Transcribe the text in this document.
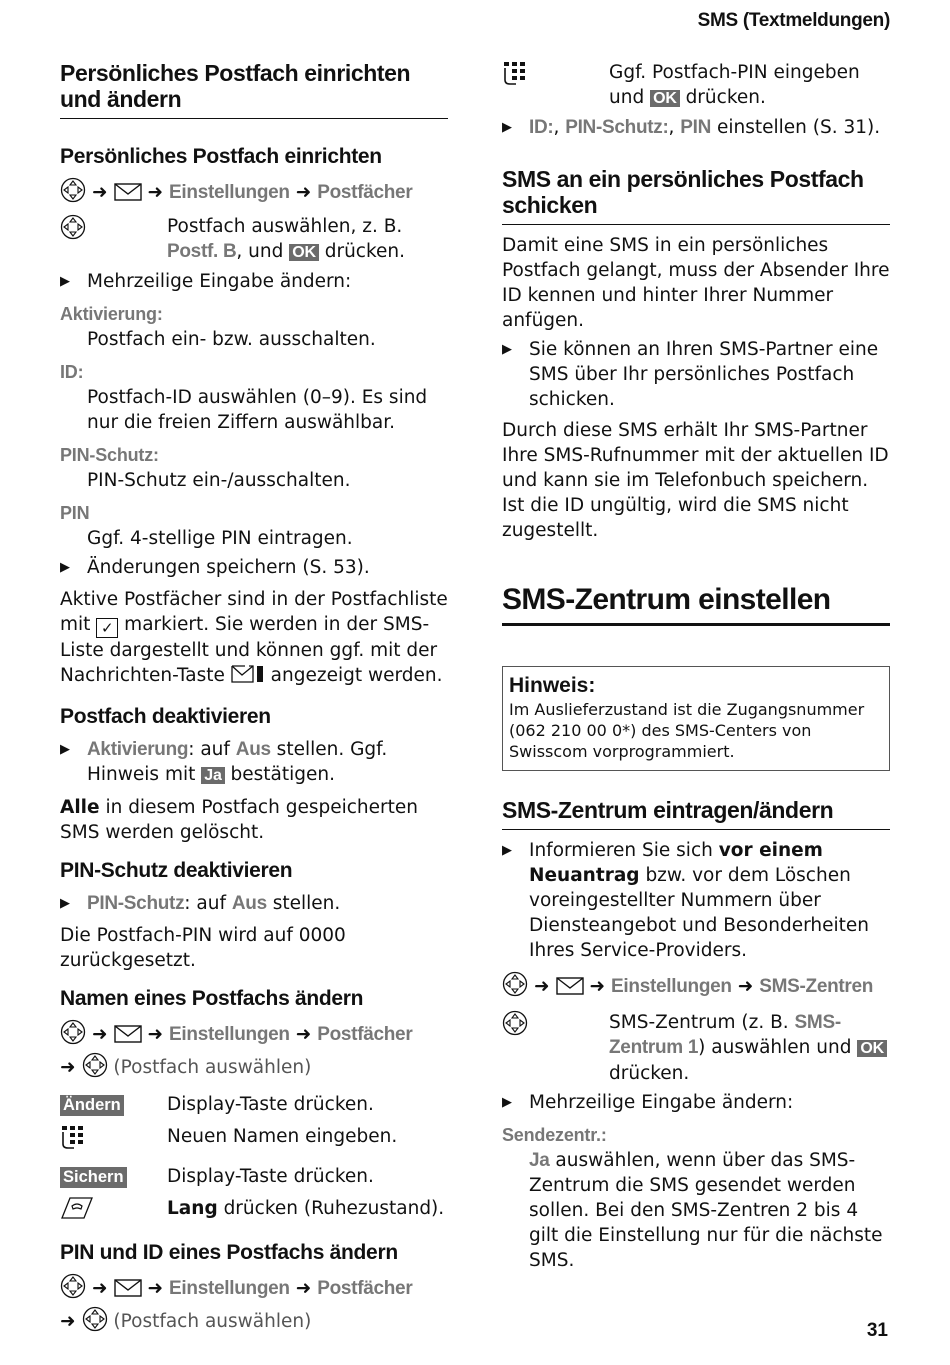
SMS (Textmeldungen)
Persönliches Postfach einrichten und ändern
Persönliches Postfach einrichten
➜ ➜ Einstellungen ➜ Postfächer
Postfach auswählen, z. B. Postf. B, und OK drücken.
▶ Mehrzeilige Eingabe ändern:
Aktivierung:
Postfach ein- bzw. ausschalten.
ID:
Postfach-ID auswählen (0–9). Es sind nur die freien Ziffern auswählbar.
PIN-Schutz:
PIN-Schutz ein-/ausschalten.
PIN
Ggf. 4-stellige PIN eintragen.
▶ Änderungen speichern (S. 53).

Aktive Postfächer sind in der Postfachliste mit ✓ markiert. Sie werden in der SMS-Liste dargestellt und können ggf. mit der Nachrichten-Taste  angezeigt werden.

Postfach deaktivieren
▶ Aktivierung: auf Aus stellen. Ggf. Hinweis mit Ja bestätigen.

Alle in diesem Postfach gespeicherten SMS werden gelöscht.

PIN-Schutz deaktivieren
▶ PIN-Schutz: auf Aus stellen.

Die Postfach-PIN wird auf 0000 zurückgesetzt.

Namen eines Postfachs ändern
➜ ➜ Einstellungen ➜ Postfächer
➜ (Postfach auswählen)
Ändern	Display-Taste drücken.
Neuen Namen eingeben.
Sichern	Display-Taste drücken.
Lang drücken (Ruhezustand).
PIN und ID eines Postfachs ändern
➜ ➜ Einstellungen ➜ Postfächer
➜ (Postfach auswählen)
Ggf. Postfach-PIN eingeben und OK drücken.
▶ ID:, PIN-Schutz:, PIN einstellen (S. 31).
SMS an ein persönliches Postfach schicken

Damit eine SMS in ein persönliches Postfach gelangt, muss der Absender Ihre ID kennen und hinter Ihrer Nummer anfügen.

▶ Sie können an Ihren SMS-Partner eine SMS über Ihr persönliches Postfach schicken.

Durch diese SMS erhält Ihr SMS-Partner Ihre SMS-Rufnummer mit der aktuellen ID und kann sie im Telefonbuch speichern. Ist die ID ungültig, wird die SMS nicht zugestellt.

SMS-Zentrum einstellen
Hinweis:
Im Auslieferzustand ist die Zugangsnummer (062 210 00 0*) des SMS-Centers von Swisscom vorprogrammiert.
SMS-Zentrum eintragen/ändern
▶ Informieren Sie sich vor einem Neuantrag bzw. vor dem Löschen voreingestellter Nummern über Diensteangebot und Besonderheiten Ihres Service-Providers.
➜ ➜ Einstellungen ➜ SMS-Zentren
SMS-Zentrum (z. B. SMS-Zentrum 1) auswählen und OK drücken.
▶ Mehrzeilige Eingabe ändern:
Sendezentr.:
Ja auswählen, wenn über das SMS-Zentrum die SMS gesendet werden sollen. Bei den SMS-Zentren 2 bis 4 gilt die Einstellung nur für die nächste SMS.
31
